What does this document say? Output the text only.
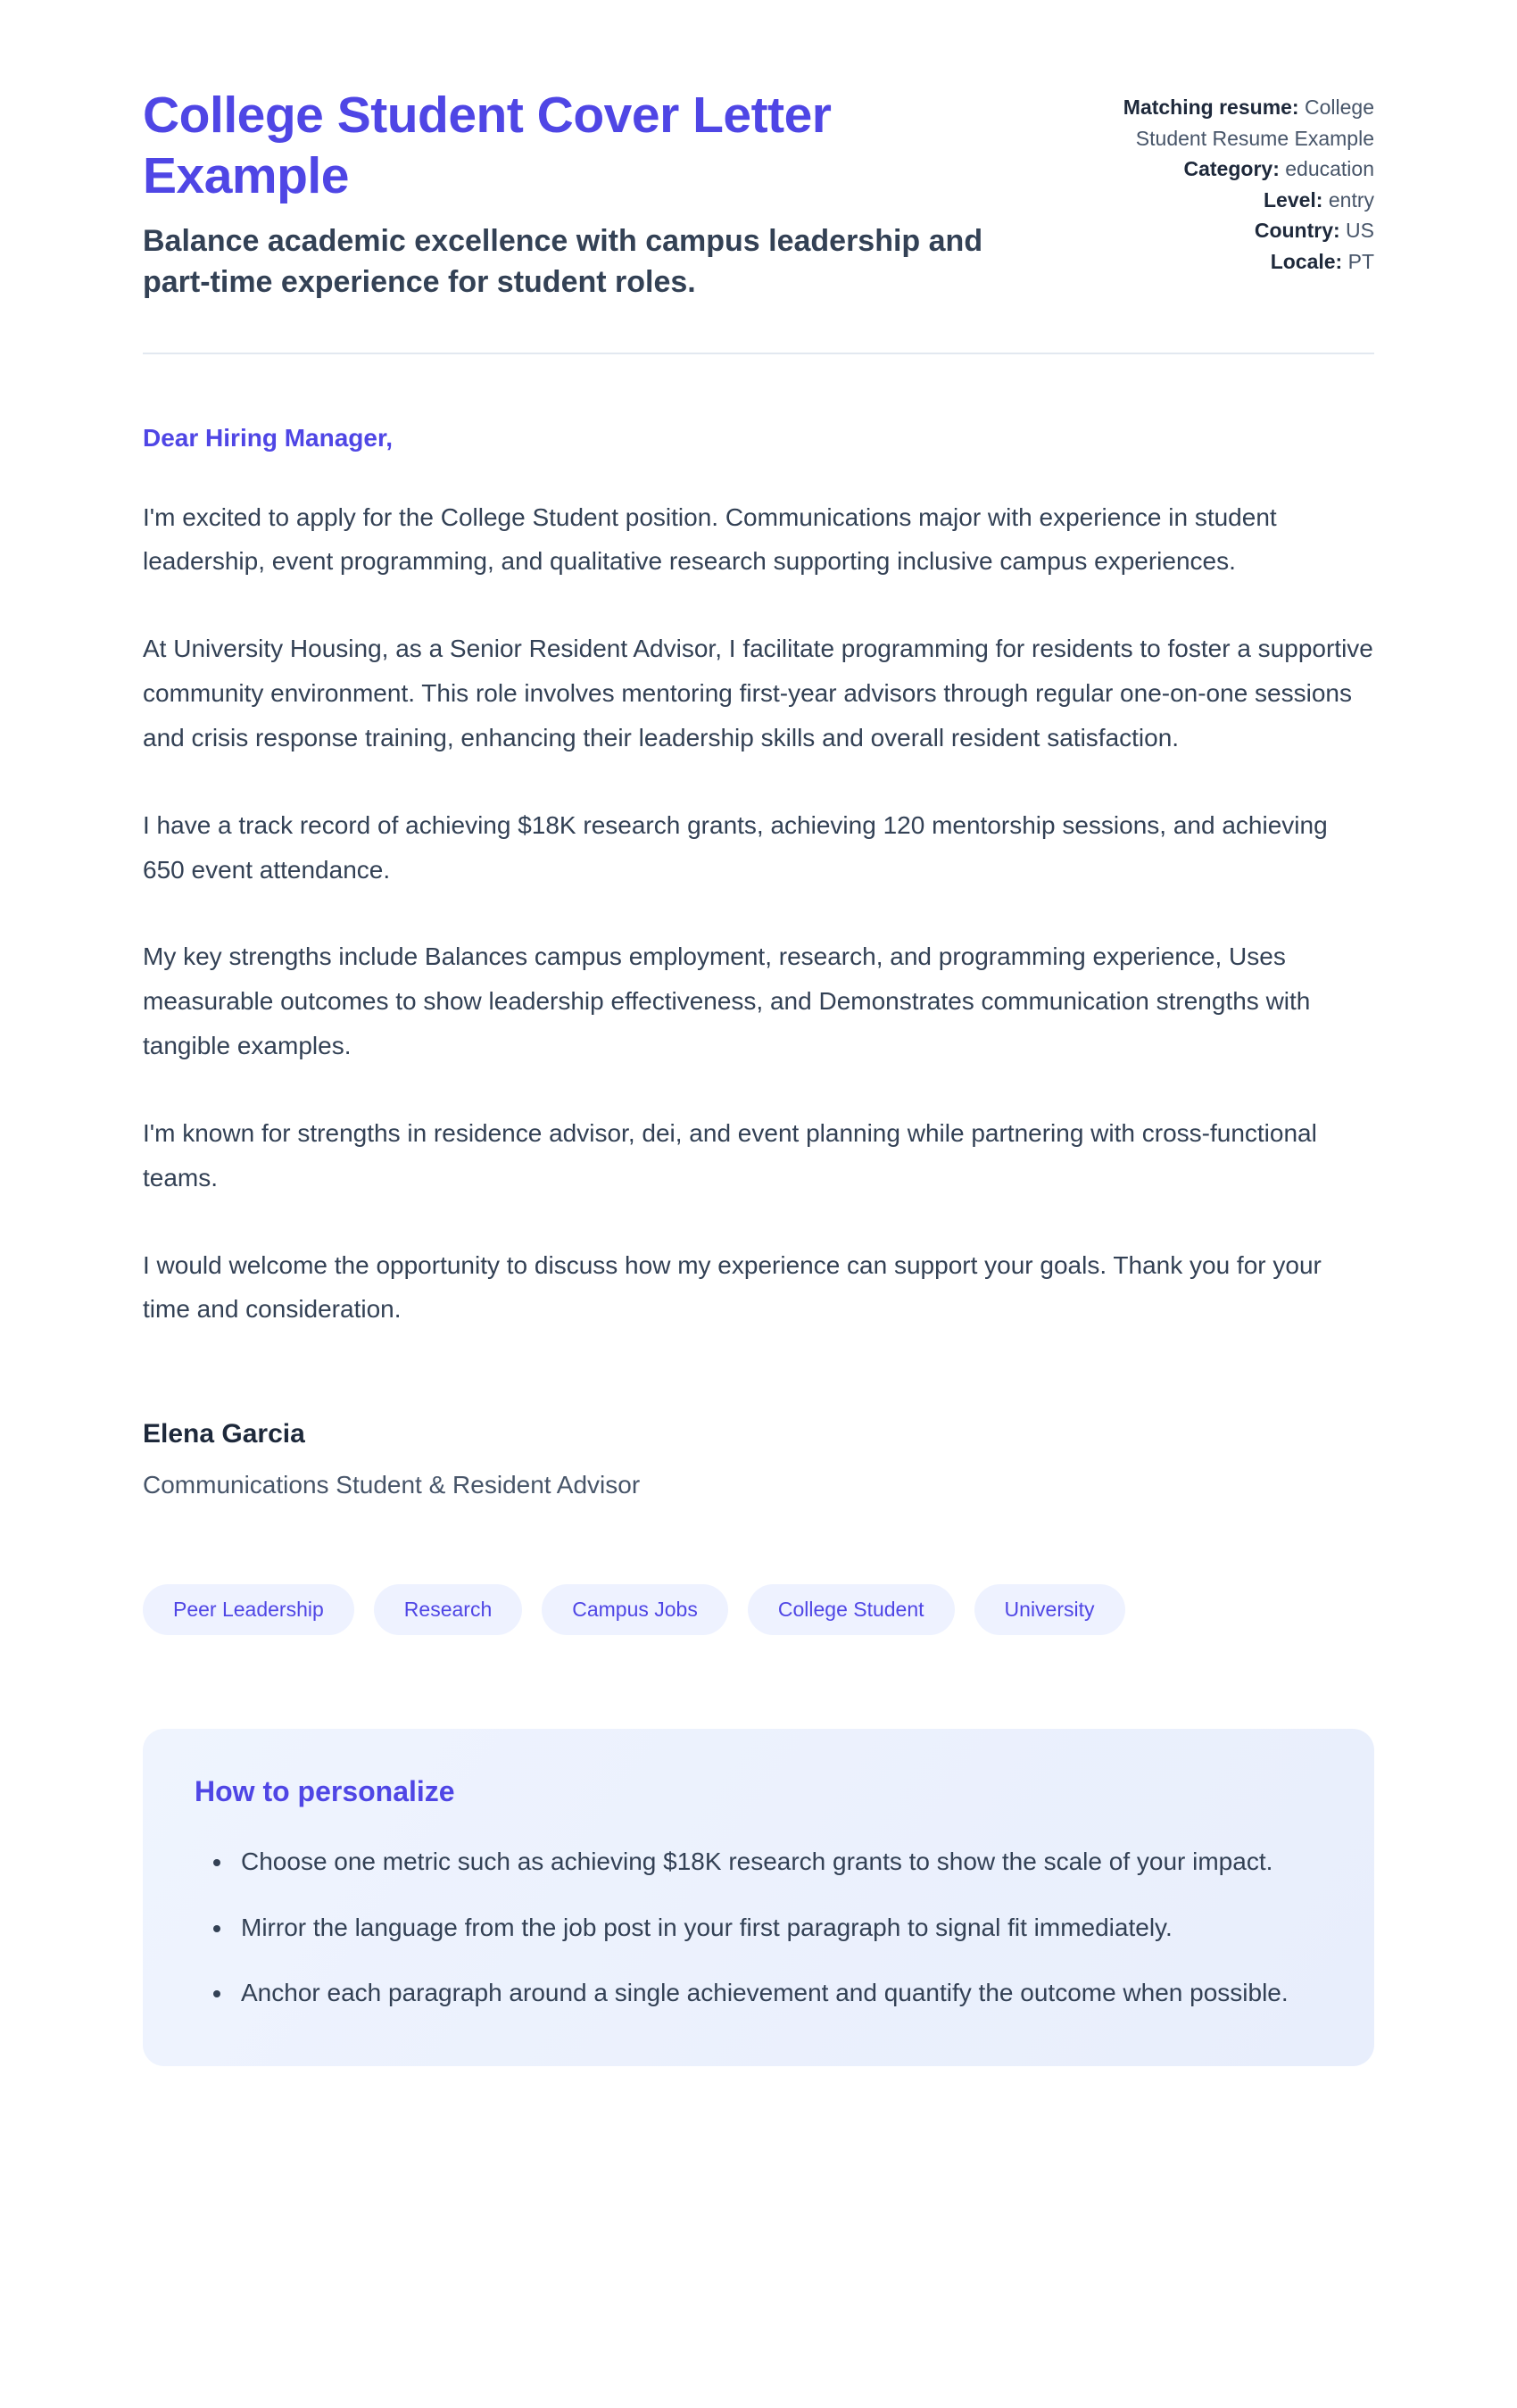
College Student Cover Letter Example

Balance academic excellence with campus leadership and part-time experience for student roles.

Matching resume: College Student Resume Example
Category: education
Level: entry
Country: US
Locale: PT

Dear Hiring Manager,

I'm excited to apply for the College Student position. Communications major with experience in student leadership, event programming, and qualitative research supporting inclusive campus experiences.

At University Housing, as a Senior Resident Advisor, I facilitate programming for residents to foster a supportive community environment. This role involves mentoring first-year advisors through regular one-on-one sessions and crisis response training, enhancing their leadership skills and overall resident satisfaction.

I have a track record of achieving $18K research grants, achieving 120 mentorship sessions, and achieving 650 event attendance.

My key strengths include Balances campus employment, research, and programming experience, Uses measurable outcomes to show leadership effectiveness, and Demonstrates communication strengths with tangible examples.

I'm known for strengths in residence advisor, dei, and event planning while partnering with cross-functional teams.

I would welcome the opportunity to discuss how my experience can support your goals. Thank you for your time and consideration.

Elena Garcia

Communications Student & Resident Advisor

Peer Leadership	Research	Campus Jobs	College Student	University
How to personalize
• Choose one metric such as achieving $18K research grants to show the scale of your impact.
• Mirror the language from the job post in your first paragraph to signal fit immediately.
• Anchor each paragraph around a single achievement and quantify the outcome when possible.
